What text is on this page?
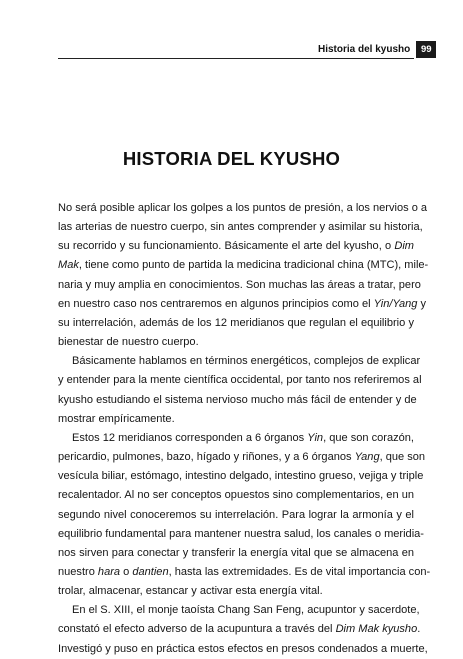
Historia del kyusho	99
HISTORIA DEL KYUSHO
No será posible aplicar los golpes a los puntos de presión, a los nervios o a
las arterias de nuestro cuerpo, sin antes comprender y asimilar su historia,
su recorrido y su funcionamiento. Básicamente el arte del kyusho, o Dim
Mak, tiene como punto de partida la medicina tradicional china (MTC), mile-
naria y muy amplia en conocimientos. Son muchas las áreas a tratar, pero
en nuestro caso nos centraremos en algunos principios como el Yin/Yang y
su interrelación, además de los 12 meridianos que regulan el equilibrio y
bienestar de nuestro cuerpo.
Básicamente hablamos en términos energéticos, complejos de explicar
y entender para la mente científica occidental, por tanto nos referiremos al
kyusho estudiando el sistema nervioso mucho más fácil de entender y de
mostrar empíricamente.
Estos 12 meridianos corresponden a 6 órganos Yin, que son corazón,
pericardio, pulmones, bazo, hígado y riñones, y a 6 órganos Yang, que son
vesícula biliar, estómago, intestino delgado, intestino grueso, vejiga y triple
recalentador. Al no ser conceptos opuestos sino complementarios, en un
segundo nivel conoceremos su interrelación. Para lograr la armonía y el
equilibrio fundamental para mantener nuestra salud, los canales o meridia-
nos sirven para conectar y transferir la energía vital que se almacena en
nuestro hara o dantien, hasta las extremidades. Es de vital importancia con-
trolar, almacenar, estancar y activar esta energía vital.
En el S. XIII, el monje taoísta Chang San Feng, acupuntor y sacerdote,
constató el efecto adverso de la acupuntura a través del Dim Mak kyusho.
Investigó y puso en práctica estos efectos en presos condenados a muerte,
